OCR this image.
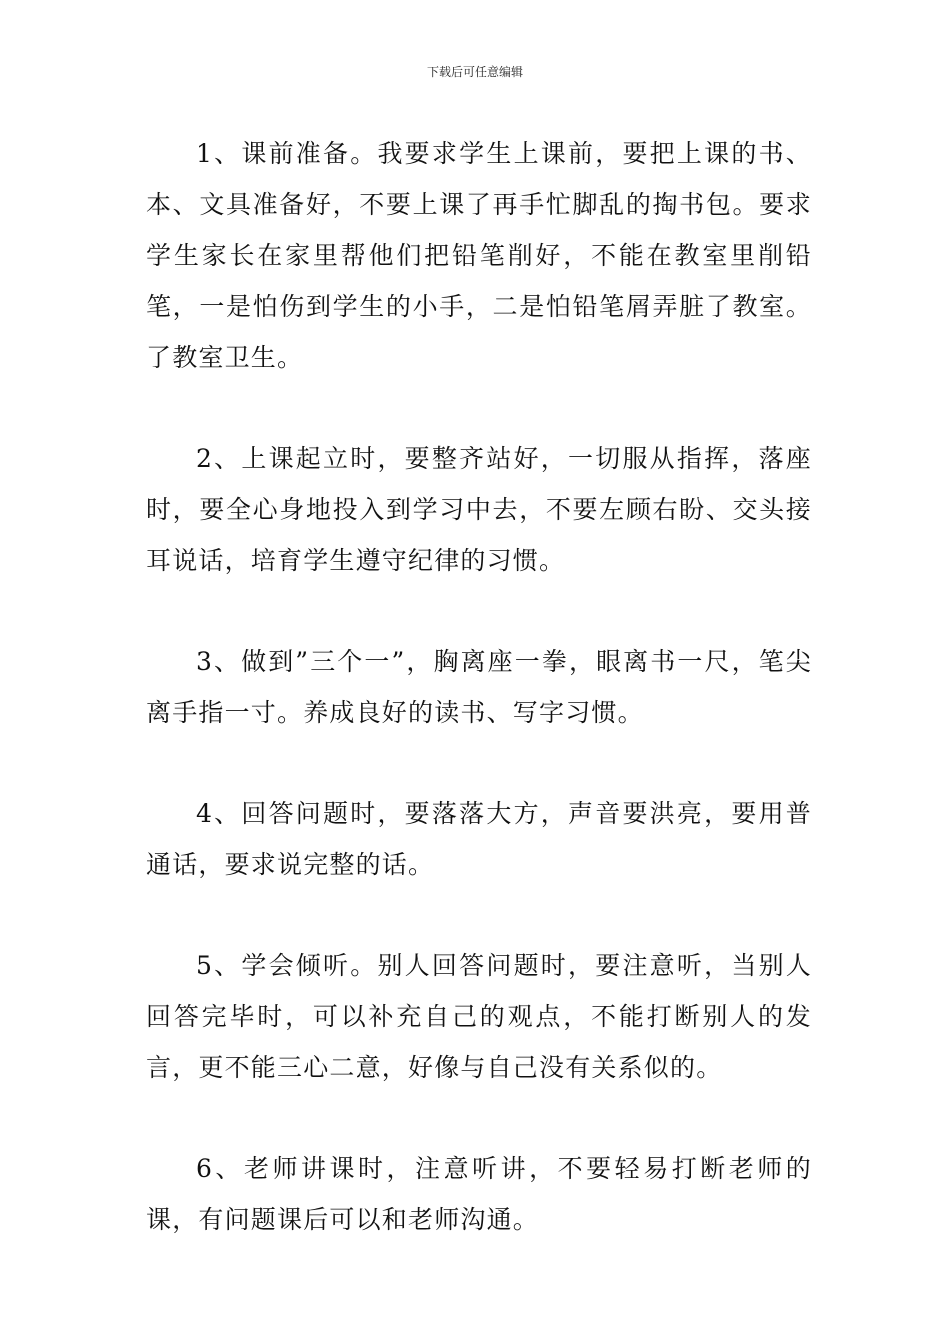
下载后可任意编辑

1、课前准备。我要求学生上课前，要把上课的书、本、文具准备好，不要上课了再手忙脚乱的掏书包。要求学生家长在家里帮他们把铅笔削好，不能在教室里削铅笔，一是怕伤到学生的小手，二是怕铅笔屑弄脏了教室。了教室卫生。

2、上课起立时，要整齐站好，一切服从指挥，落座时，要全心身地投入到学习中去，不要左顾右盼、交头接耳说话，培育学生遵守纪律的习惯。

3、做到”三个一”，胸离座一拳，眼离书一尺，笔尖离手指一寸。养成良好的读书、写字习惯。

4、回答问题时，要落落大方，声音要洪亮，要用普通话，要求说完整的话。

5、学会倾听。别人回答问题时，要注意听，当别人回答完毕时，可以补充自己的观点，不能打断别人的发言，更不能三心二意，好像与自己没有关系似的。

6、老师讲课时，注意听讲，不要轻易打断老师的课，有问题课后可以和老师沟通。
